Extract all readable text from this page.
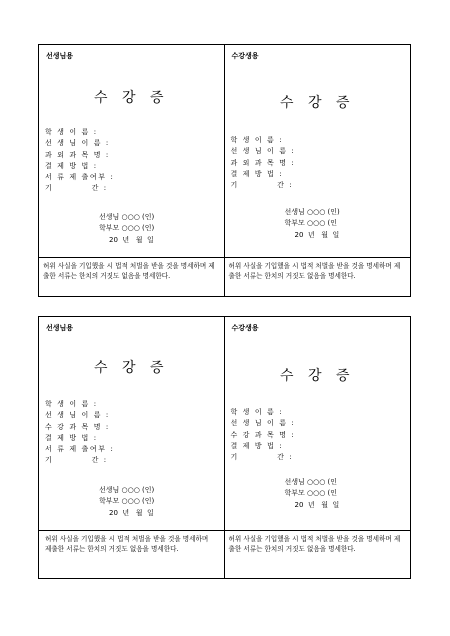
선생님용
수 강 증
학 생 이 름 :
선 생 님 이 름 :
과 외 과 목 명 :
결 제 방 법 :
서 류 제 출여부 :
기          간 :
선생님 ○○○ (인)
학부모 ○○○ (인)
20  년   월  일
허위 사실을 기입했을 시 법적 처벌을 받을 것을 명세하며 제출한 서류는 한치의 거짓도 없음을 명세한다.
수강생용
수 강 증
학 생 이 름 :
선 생 님 이 름 :
과 외 과 목 명 :
결 제 방 법 :
기          간 :
선생님 ○○○ (인)
학부모 ○○○ (인
20  년   월  일
허위 사실을 기입했을 시 법적 처벌을 받을 것을 명세하며 제출한 서류는 한치의 거짓도 없음을 명세한다.
선생님용
수 강 증
학 생 이 름 :
선 생 님 이 름 :
수 강 과 목 명 :
결 제 방 법 :
서 류 제 출여부 :
기          간 :
선생님 ○○○ (인)
학부모 ○○○ (인)
20  년   월  일
허위 사실을 기입했을 시 법적 처벌을 받을 것을 명세하며 제출한 서류는 한치의 거짓도 없음을 명세한다.
수강생용
수 강 증
학 생 이 름 :
선 생 님 이 름 :
수 강 과 목 명 :
결 제 방 법 :
기          간 :
선생님 ○○○ (인
학부모 ○○○ (인
20  년   월  일
허위 사실을 기입했을 시 법적 처벌을 받을 것을 명세하며 제출한 서류는 한치의 거짓도 없음을 명세한다.
